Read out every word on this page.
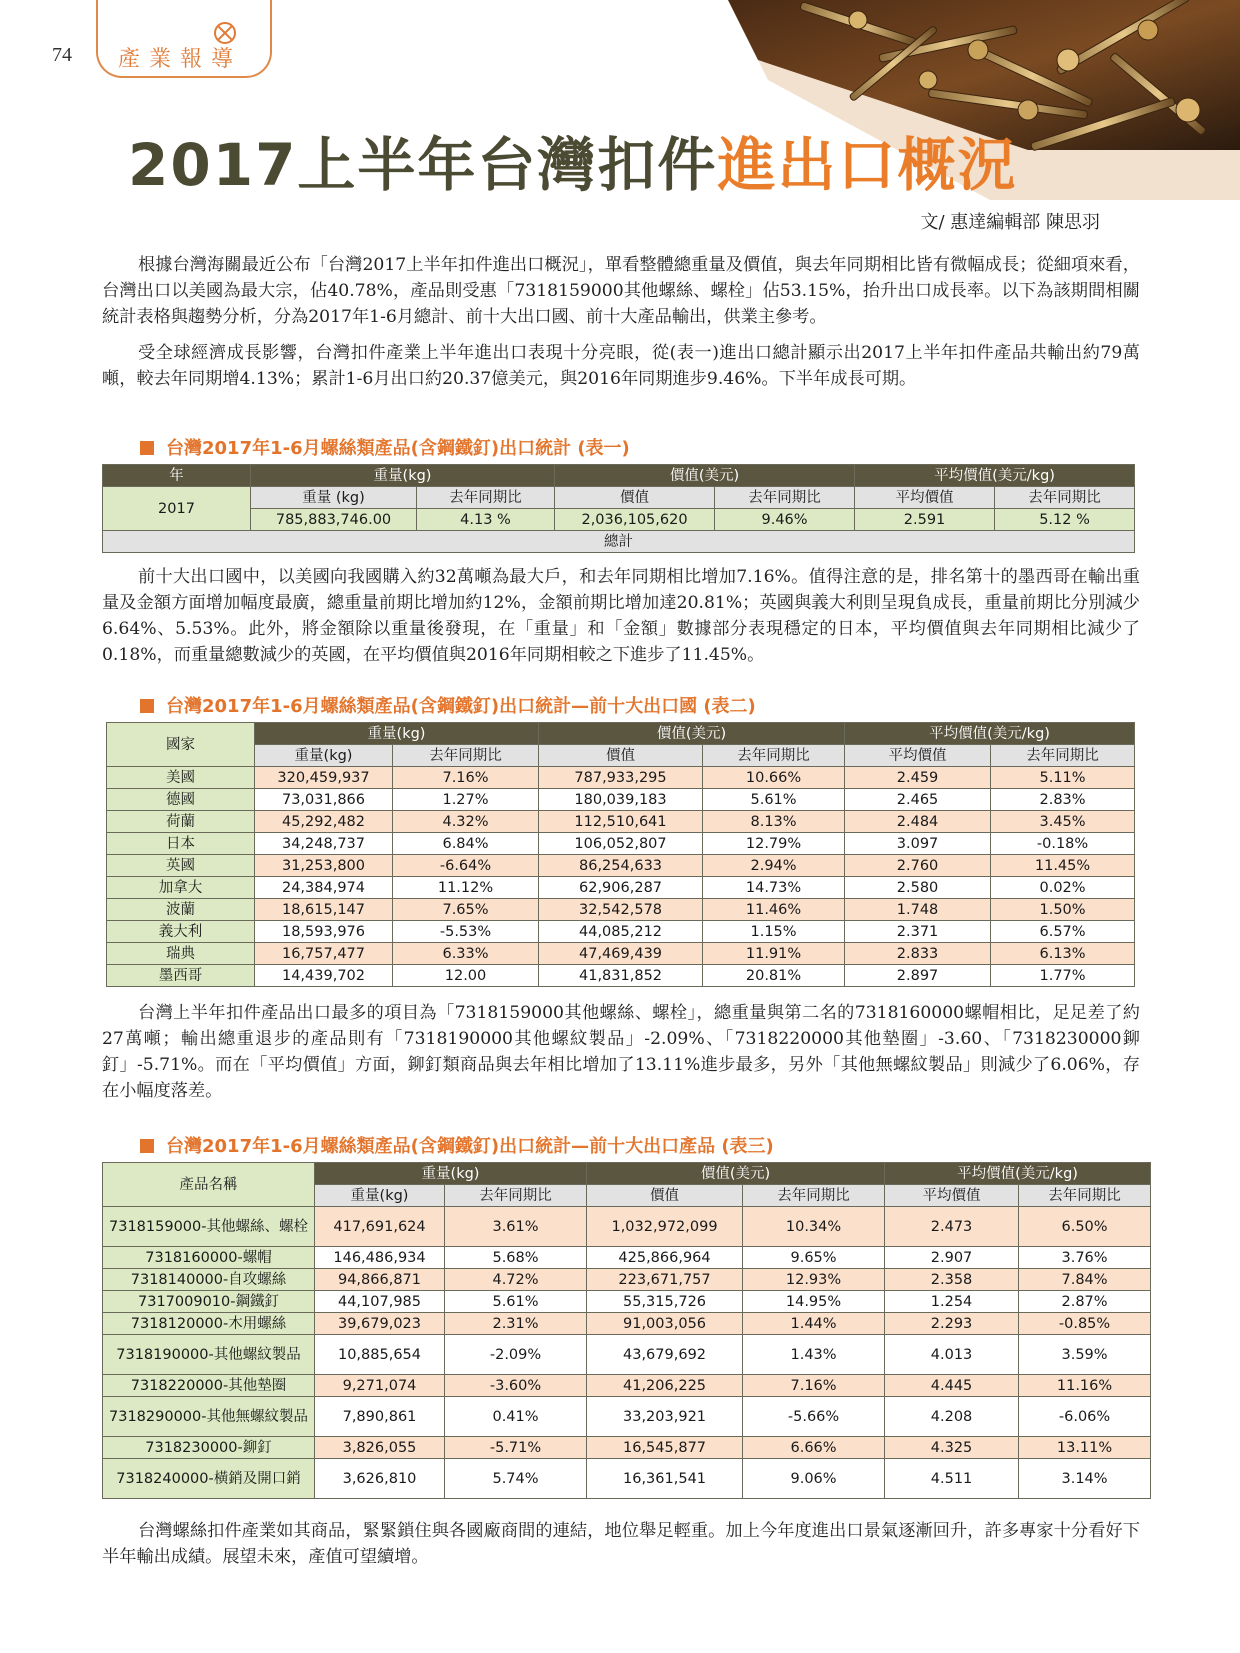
74 產業報導
2017上半年台灣扣件進出口概況
文/ 惠達編輯部 陳思羽

根據台灣海關最近公布「台灣2017上半年扣件進出口概況」，單看整體總重量及價值，與去年同期相比皆有微幅成長；從細項來看，台灣出口以美國為最大宗，佔40.78%，產品則受惠「7318159000其他螺絲、螺栓」佔53.15%，抬升出口成長率。以下為該期間相關統計表格與趨勢分析，分為2017年1-6月總計、前十大出口國、前十大產品輸出，供業主參考。

受全球經濟成長影響，台灣扣件產業上半年進出口表現十分亮眼，從(表一)進出口總計顯示出2017上半年扣件產品共輸出約79萬噸，較去年同期增4.13%；累計1-6月出口約20.37億美元，與2016年同期進步9.46%。下半年成長可期。

台灣2017年1-6月螺絲類產品(含鋼鐵釘)出口統計 (表一)
年	重量(kg)		價值(美元)		平均價值(美元/kg)	
2017	重量 (kg)	去年同期比	價值	去年同期比	平均價值	去年同期比
	785,883,746.00	4.13 %	2,036,105,620	9.46%	2.591	5.12 %
總計						

前十大出口國中，以美國向我國購入約32萬噸為最大戶，和去年同期相比增加7.16%。值得注意的是，排名第十的墨西哥在輸出重量及金額方面增加幅度最廣，總重量前期比增加約12%，金額前期比增加達20.81%；英國與義大利則呈現負成長，重量前期比分別減少6.64%、5.53%。此外，將金額除以重量後發現，在「重量」和「金額」數據部分表現穩定的日本，平均價值與去年同期相比減少了0.18%，而重量總數減少的英國，在平均價值與2016年同期相較之下進步了11.45%。

台灣2017年1-6月螺絲類產品(含鋼鐵釘)出口統計—前十大出口國 (表二)
國家	重量(kg)		價值(美元)		平均價值(美元/kg)	
	重量(kg)	去年同期比	價值	去年同期比	平均價值	去年同期比
美國	320,459,937	7.16%	787,933,295	10.66%	2.459	5.11%
德國	73,031,866	1.27%	180,039,183	5.61%	2.465	2.83%
荷蘭	45,292,482	4.32%	112,510,641	8.13%	2.484	3.45%
日本	34,248,737	6.84%	106,052,807	12.79%	3.097	-0.18%
英國	31,253,800	-6.64%	86,254,633	2.94%	2.760	11.45%
加拿大	24,384,974	11.12%	62,906,287	14.73%	2.580	0.02%
波蘭	18,615,147	7.65%	32,542,578	11.46%	1.748	1.50%
義大利	18,593,976	-5.53%	44,085,212	1.15%	2.371	6.57%
瑞典	16,757,477	6.33%	47,469,439	11.91%	2.833	6.13%
墨西哥	14,439,702	12.00	41,831,852	20.81%	2.897	1.77%

台灣上半年扣件產品出口最多的項目為「7318159000其他螺絲、螺栓」，總重量與第二名的7318160000螺帽相比，足足差了約27萬噸；輸出總重退步的產品則有「7318190000其他螺紋製品」-2.09%、「7318220000其他墊圈」-3.60、「7318230000鉚釘」-5.71%。而在「平均價值」方面，鉚釘類商品與去年相比增加了13.11%進步最多，另外「其他無螺紋製品」則減少了6.06%，存在小幅度落差。

台灣2017年1-6月螺絲類產品(含鋼鐵釘)出口統計—前十大出口產品 (表三)
產品名稱	重量(kg)		價值(美元)		平均價值(美元/kg)	
	重量(kg)	去年同期比	價值	去年同期比	平均價值	去年同期比
7318159000-其他螺絲、螺栓	417,691,624	3.61%	1,032,972,099	10.34%	2.473	6.50%
7318160000-螺帽	146,486,934	5.68%	425,866,964	9.65%	2.907	3.76%
7318140000-自攻螺絲	94,866,871	4.72%	223,671,757	12.93%	2.358	7.84%
7317009010-鋼鐵釘	44,107,985	5.61%	55,315,726	14.95%	1.254	2.87%
7318120000-木用螺絲	39,679,023	2.31%	91,003,056	1.44%	2.293	-0.85%
7318190000-其他螺紋製品	10,885,654	-2.09%	43,679,692	1.43%	4.013	3.59%
7318220000-其他墊圈	9,271,074	-3.60%	41,206,225	7.16%	4.445	11.16%
7318290000-其他無螺紋製品	7,890,861	0.41%	33,203,921	-5.66%	4.208	-6.06%
7318230000-鉚釘	3,826,055	-5.71%	16,545,877	6.66%	4.325	13.11%
7318240000-橫銷及開口銷	3,626,810	5.74%	16,361,541	9.06%	4.511	3.14%

台灣螺絲扣件產業如其商品，緊緊鎖住與各國廠商間的連結，地位舉足輕重。加上今年度進出口景氣逐漸回升，許多專家十分看好下半年輸出成績。展望未來，產值可望續增。
